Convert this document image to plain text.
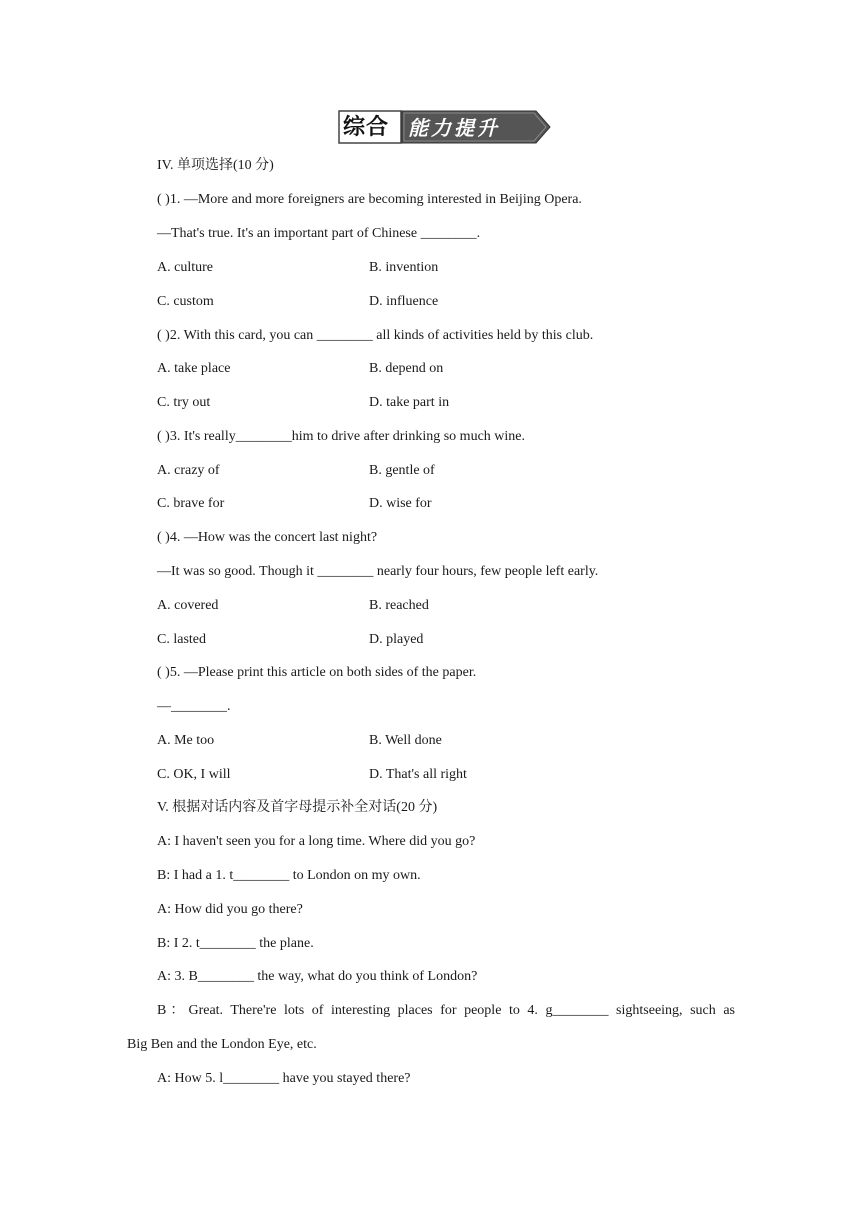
综合 能力提升
IV. 单项选择(10 分)
( )1. —More and more foreigners are becoming interested in Beijing Opera.
—That's true. It's an important part of Chinese ________.
A. culture	B. invention
C. custom	D. influence
( )2. With this card, you can ________ all kinds of activities held by this club.
A. take place	B. depend on
C. try out	D. take part in
( )3. It's really________him to drive after drinking so much wine.
A. crazy of	B. gentle of
C. brave for	D. wise for
( )4. —How was the concert last night?
—It was so good. Though it ________ nearly four hours, few people left early.
A. covered	B. reached
C. lasted	D. played
( )5. —Please print this article on both sides of the paper.
—________.
A. Me too	B. Well done
C. OK, I will	D. That's all right
V. 根据对话内容及首字母提示补全对话(20 分)
A: I haven't seen you for a long time. Where did you go?
B: I had a 1. t________ to London on my own.
A: How did you go there?
B: I 2. t________ the plane.
A: 3. B________ the way, what do you think of London?
B：Great. There're lots of interesting places for people to 4. g________ sightseeing, such as
Big Ben and the London Eye, etc.
A: How 5. l________ have you stayed there?
